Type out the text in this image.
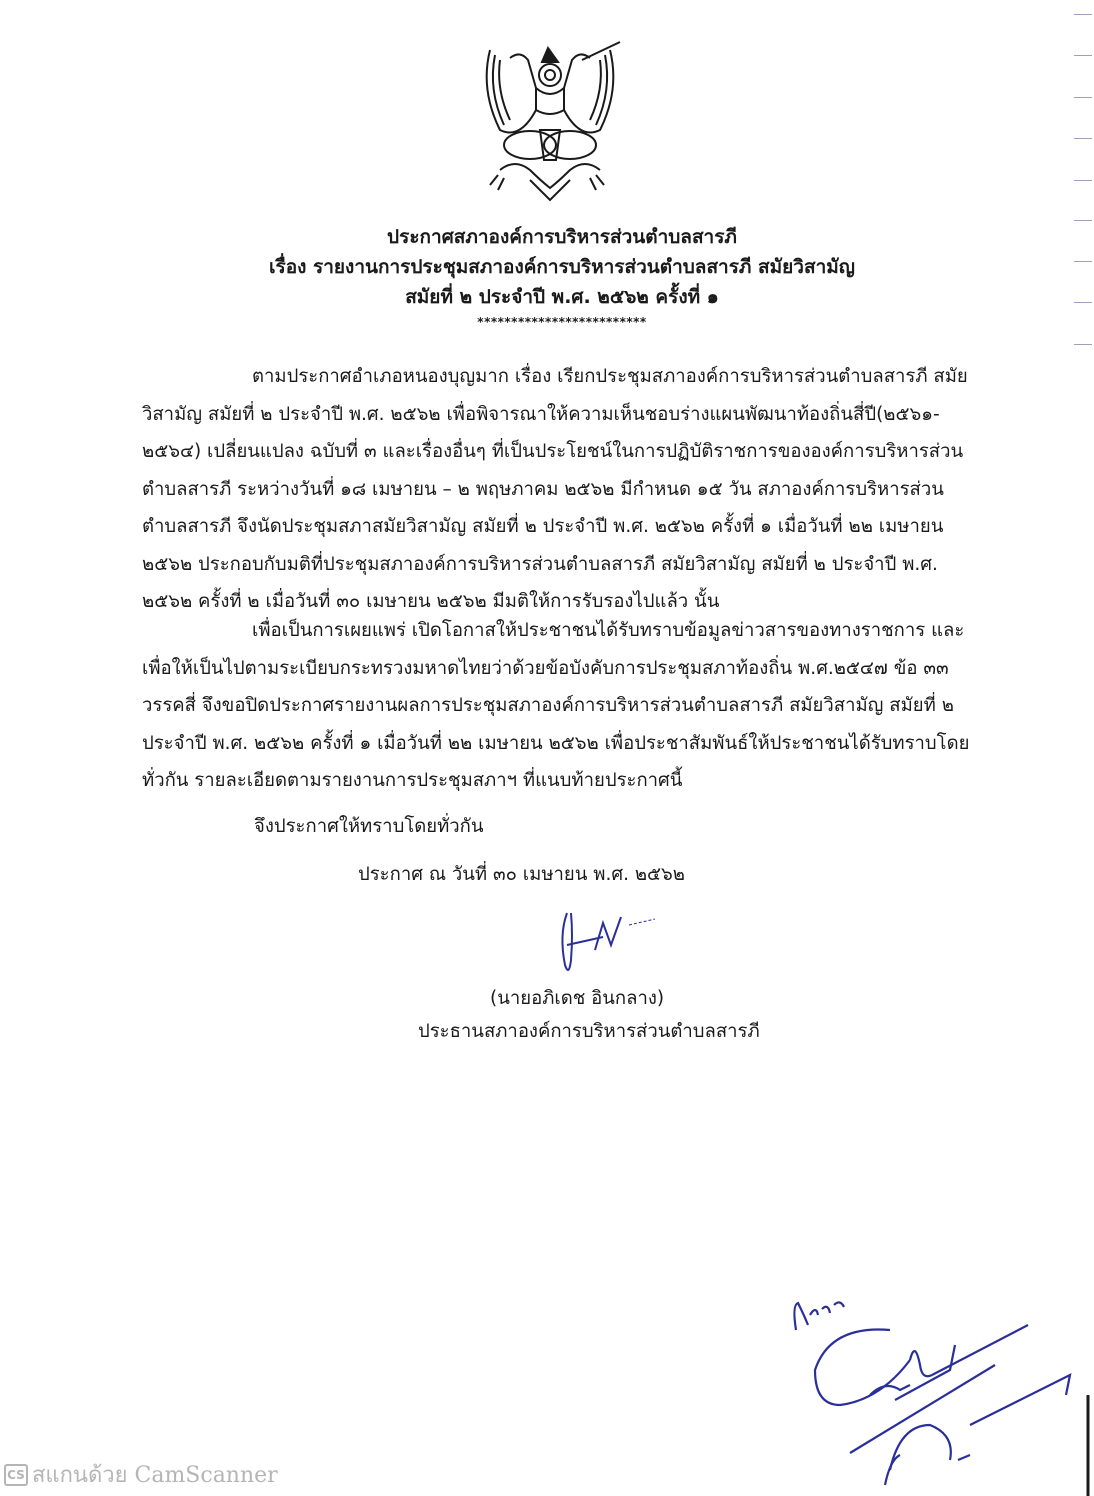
ประกาศสภาองค์การบริหารส่วนตำบลสารภี
เรื่อง รายงานการประชุมสภาองค์การบริหารส่วนตำบลสารภี สมัยวิสามัญ
สมัยที่ ๒ ประจำปี พ.ศ. ๒๕๖๒ ครั้งที่ ๑
*************************
ตามประกาศอำเภอหนองบุญมาก เรื่อง เรียกประชุมสภาองค์การบริหารส่วนตำบลสารภี สมัย
วิสามัญ สมัยที่ ๒ ประจำปี พ.ศ. ๒๕๖๒ เพื่อพิจารณาให้ความเห็นชอบร่างแผนพัฒนาท้องถิ่นสี่ปี(๒๕๖๑-
๒๕๖๔) เปลี่ยนแปลง ฉบับที่ ๓ และเรื่องอื่นๆ ที่เป็นประโยชน์ในการปฏิบัติราชการขององค์การบริหารส่วน
ตำบลสารภี ระหว่างวันที่ ๑๘ เมษายน – ๒ พฤษภาคม ๒๕๖๒ มีกำหนด ๑๕ วัน สภาองค์การบริหารส่วน
ตำบลสารภี จึงนัดประชุมสภาสมัยวิสามัญ สมัยที่ ๒ ประจำปี พ.ศ. ๒๕๖๒ ครั้งที่ ๑ เมื่อวันที่ ๒๒ เมษายน
๒๕๖๒ ประกอบกับมติที่ประชุมสภาองค์การบริหารส่วนตำบลสารภี สมัยวิสามัญ สมัยที่ ๒ ประจำปี พ.ศ.
๒๕๖๒ ครั้งที่ ๒ เมื่อวันที่ ๓๐ เมษายน ๒๕๖๒ มีมติให้การรับรองไปแล้ว นั้น
เพื่อเป็นการเผยแพร่ เปิดโอกาสให้ประชาชนได้รับทราบข้อมูลข่าวสารของทางราชการ และ
เพื่อให้เป็นไปตามระเบียบกระทรวงมหาดไทยว่าด้วยข้อบังคับการประชุมสภาท้องถิ่น พ.ศ.๒๕๔๗ ข้อ ๓๓
วรรคสี่ จึงขอปิดประกาศรายงานผลการประชุมสภาองค์การบริหารส่วนตำบลสารภี สมัยวิสามัญ สมัยที่ ๒
ประจำปี พ.ศ. ๒๕๖๒ ครั้งที่ ๑ เมื่อวันที่ ๒๒ เมษายน ๒๕๖๒ เพื่อประชาสัมพันธ์ให้ประชาชนได้รับทราบโดย
ทั่วกัน รายละเอียดตามรายงานการประชุมสภาฯ ที่แนบท้ายประกาศนี้
จึงประกาศให้ทราบโดยทั่วกัน
ประกาศ ณ วันที่ ๓๐ เมษายน พ.ศ. ๒๕๖๒
(นายอภิเดช อินกลาง)
ประธานสภาองค์การบริหารส่วนตำบลสารภี
CS สแกนด้วย CamScanner
